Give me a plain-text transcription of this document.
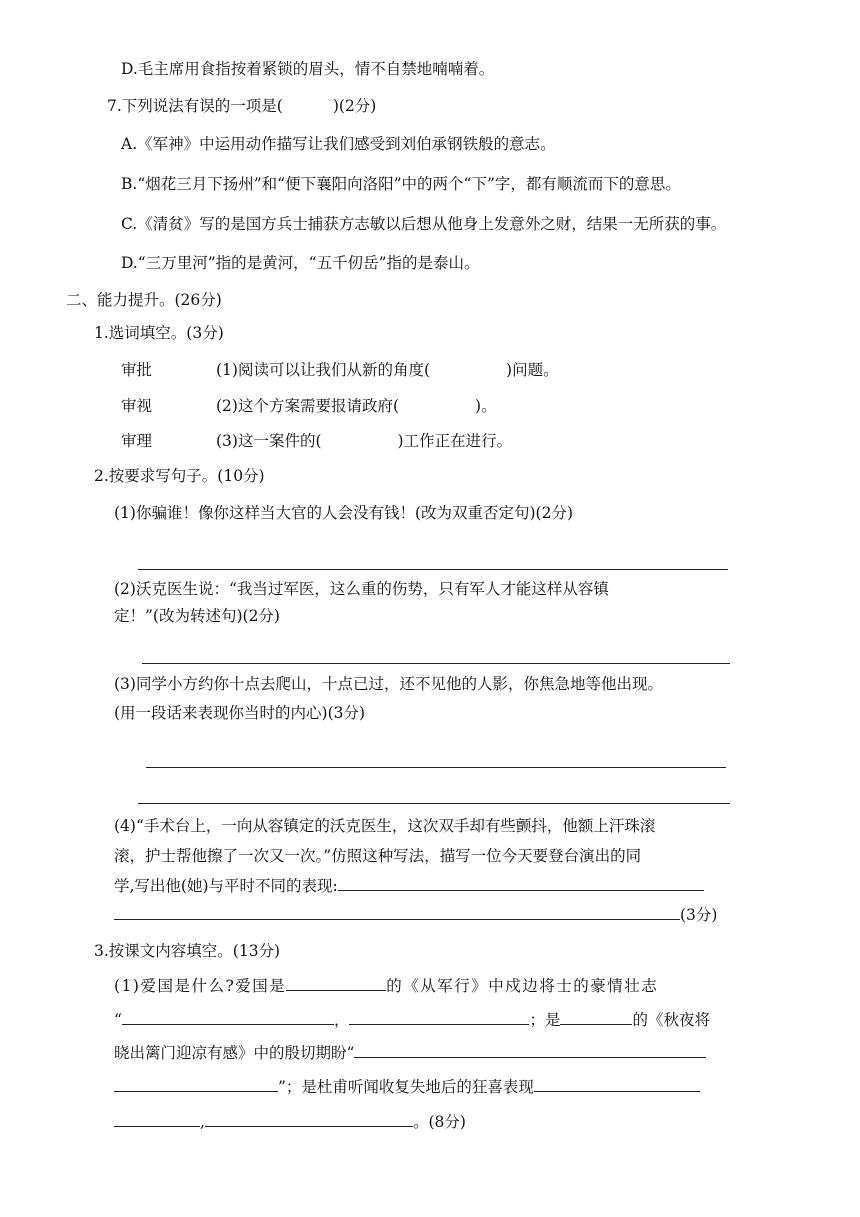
D.毛主席用食指按着紧锁的眉头，情不自禁地喃喃着。
7.下列说法有误的一项是(	)(2分)
A.《军神》中运用动作描写让我们感受到刘伯承钢铁般的意志。
B.“烟花三月下扬州”和“便下襄阳向洛阳”中的两个“下”字，都有顺流而下的意思。
C.《清贫》写的是国方兵士捕获方志敏以后想从他身上发意外之财，结果一无所获的事。
D.“三万里河”指的是黄河，“五千仞岳”指的是泰山。
二、能力提升。(26分)
1.选词填空。(3分)
审批	(1)阅读可以让我们从新的角度(	)问题。
审视	(2)这个方案需要报请政府(	)。
审理	(3)这一案件的(	)工作正在进行。
2.按要求写句子。(10分)
(1)你骗谁！像你这样当大官的人会没有钱！(改为双重否定句)(2分)
(2)沃克医生说：“我当过军医，这么重的伤势，只有军人才能这样从容镇
定！”(改为转述句)(2分)
(3)同学小方约你十点去爬山，十点已过，还不见他的人影，你焦急地等他出现。
(用一段话来表现你当时的内心)(3分)
(4)“手术台上，一向从容镇定的沃克医生，这次双手却有些颤抖，他额上汗珠滚
滚，护士帮他擦了一次又一次。”仿照这种写法，描写一位今天要登台演出的同
学,写出他(她)与平时不同的表现:
(3分)
3.按课文内容填空。(13分)
(1)爱国是什么?爱国是	的《从军行》中戍边将士的豪情壮志
“	，	；是	的《秋夜将
晓出篱门迎凉有感》中的殷切期盼“
”；是杜甫听闻收复失地后的狂喜表现
,	。(8分)
